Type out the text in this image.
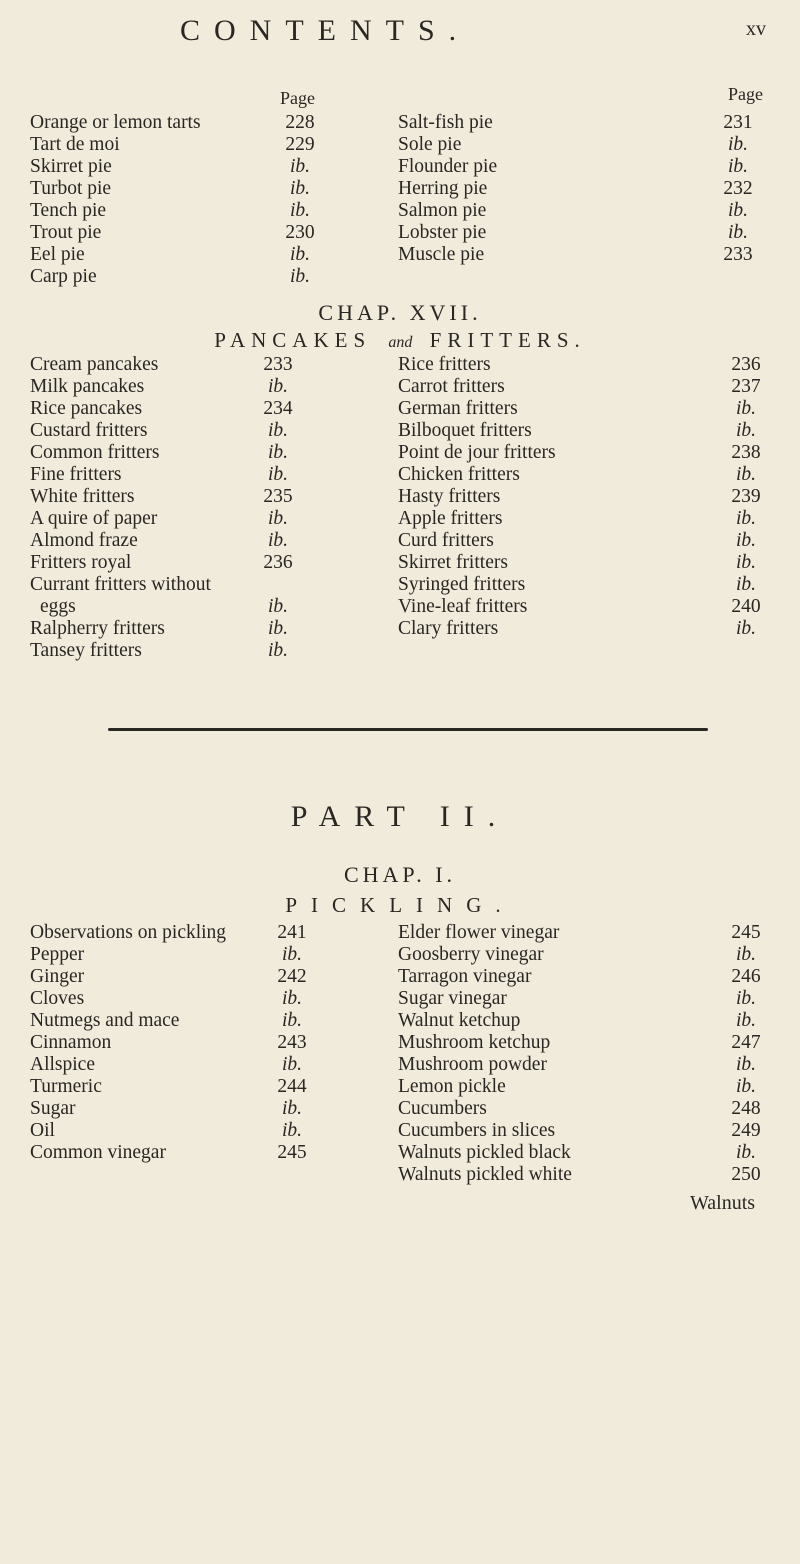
CONTENTS.	xv
Page	Page
Orange or lemon tarts	228
Tart de moi	229
Skirret pie	ib.
Turbot pie	ib.
Tench pie	ib.
Trout pie	230
Eel pie	ib.
Carp pie	ib.
Salt-fish pie	231
Sole pie	ib.
Flounder pie	ib.
Herring pie	232
Salmon pie	ib.
Lobster pie	ib.
Muscle pie	233
CHAP. XVII.
PANCAKES and FRITTERS.
Cream pancakes	233
Milk pancakes	ib.
Rice pancakes	234
Custard fritters	ib.
Common fritters	ib.
Fine fritters	ib.
White fritters	235
A quire of paper	ib.
Almond fraze	ib.
Fritters royal	236
Currant fritters without
eggs	ib.
Ralpherry fritters	ib.
Tansey fritters	ib.
Rice fritters	236
Carrot fritters	237
German fritters	ib.
Bilboquet fritters	ib.
Point de jour fritters	238
Chicken fritters	ib.
Hasty fritters	239
Apple fritters	ib.
Curd fritters	ib.
Skirret fritters	ib.
Syringed fritters	ib.
Vine-leaf fritters	240
Clary fritters	ib.
PART II.
CHAP. I.
PICKLING.
Observations on pickling	241
Pepper	ib.
Ginger	242
Cloves	ib.
Nutmegs and mace	ib.
Cinnamon	243
Allspice	ib.
Turmeric	244
Sugar	ib.
Oil	ib.
Common vinegar	245
Elder flower vinegar	245
Goosberry vinegar	ib.
Tarragon vinegar	246
Sugar vinegar	ib.
Walnut ketchup	ib.
Mushroom ketchup	247
Mushroom powder	ib.
Lemon pickle	ib.
Cucumbers	248
Cucumbers in slices	249
Walnuts pickled black	ib.
Walnuts pickled white	250
Walnuts
